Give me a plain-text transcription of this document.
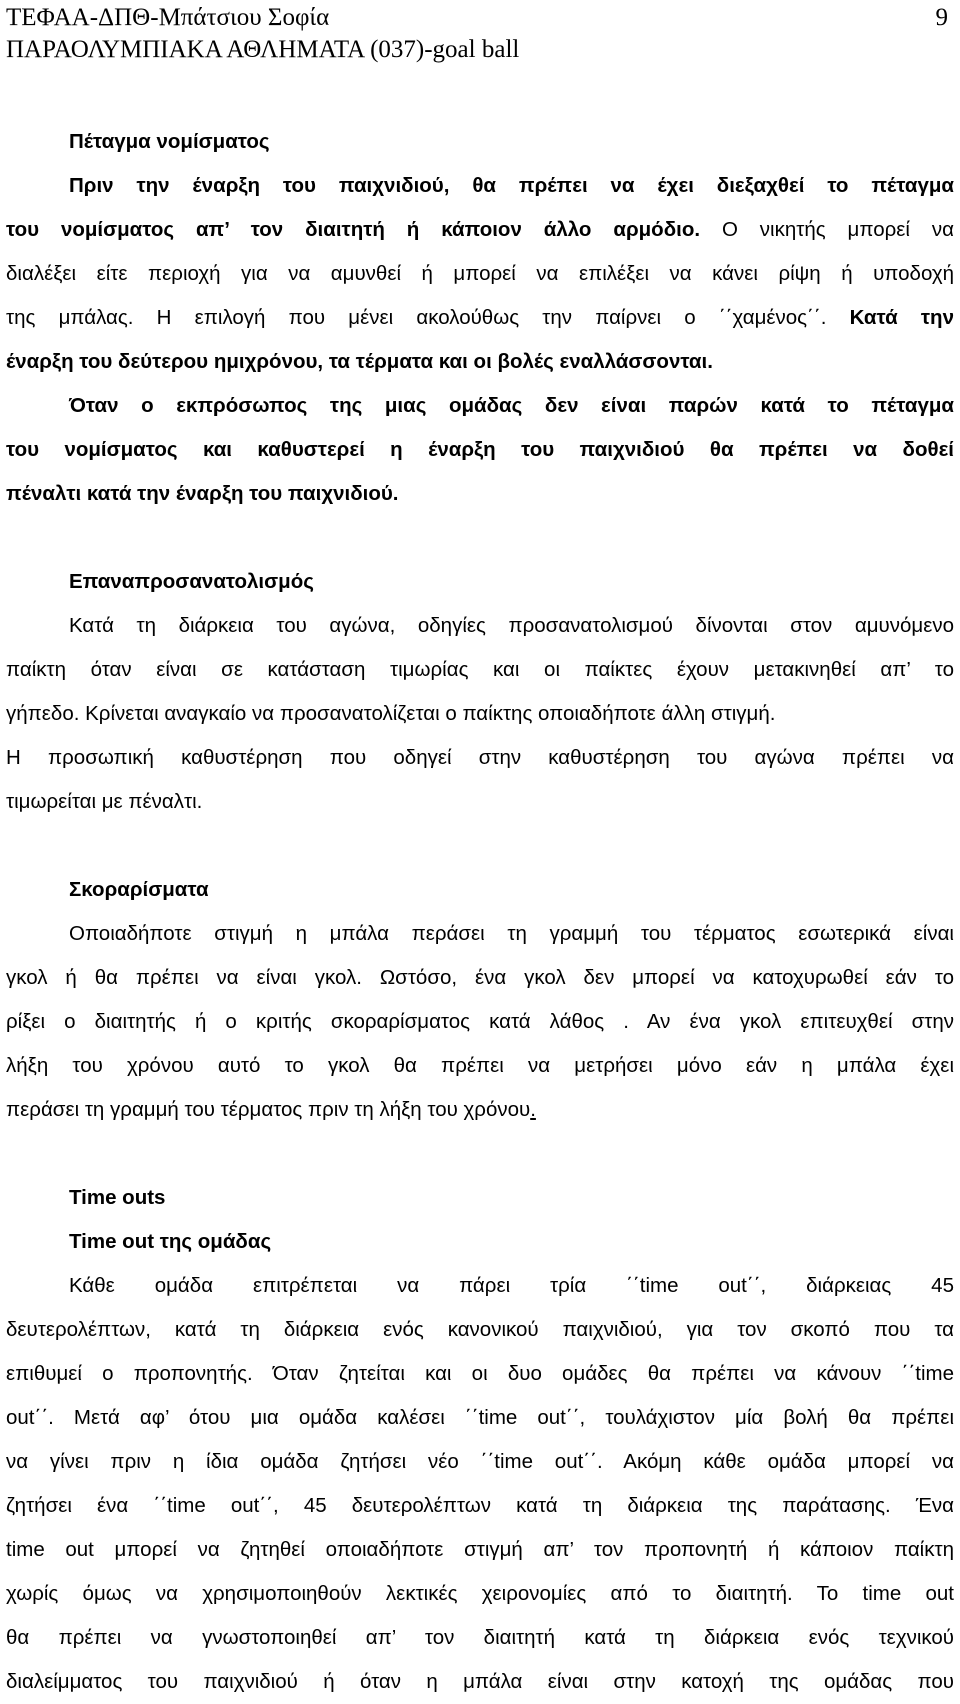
ΤΕΦΑΑ-ΔΠΘ-Μπάτσιου Σοφία
ΠΑΡΑΟΛΥΜΠΙΑΚΑ ΑΘΛΗΜΑΤΑ (037)-goal ball
9
Πέταγμα νομίσματος
Πριν την έναρξη του παιχνιδιού, θα πρέπει να έχει διεξαχθεί το πέταγμα
του νομίσματος απ’ τον διαιτητή ή κάποιον άλλο αρμόδιο. Ο νικητής μπορεί να
διαλέξει είτε περιοχή για να αμυνθεί ή μπορεί να επιλέξει να κάνει ρίψη ή υποδοχή
της μπάλας. Η επιλογή που μένει ακολούθως την παίρνει ο ΄΄χαμένος΄΄. Κατά την
έναρξη του δεύτερου ημιχρόνου, τα τέρματα και οι βολές εναλλάσσονται.
Όταν ο εκπρόσωπος της μιας ομάδας δεν είναι παρών κατά το πέταγμα
του νομίσματος και καθυστερεί η έναρξη του παιχνιδιού θα πρέπει να δοθεί
πέναλτι κατά την έναρξη του παιχνιδιού.
Επαναπροσανατολισμός
Κατά τη διάρκεια του αγώνα, οδηγίες προσανατολισμού δίνονται στον αμυνόμενο
παίκτη όταν είναι σε κατάσταση τιμωρίας και οι παίκτες έχουν μετακινηθεί απ’ το
γήπεδο. Κρίνεται αναγκαίο να προσανατολίζεται ο παίκτης οποιαδήποτε άλλη στιγμή.
Η προσωπική καθυστέρηση που οδηγεί στην καθυστέρηση του αγώνα πρέπει να
τιμωρείται με πέναλτι.
Σκοραρίσματα
Οποιαδήποτε στιγμή η μπάλα περάσει τη γραμμή του τέρματος εσωτερικά είναι
γκολ ή θα πρέπει να είναι γκολ. Ωστόσο, ένα γκολ δεν μπορεί να κατοχυρωθεί εάν το
ρίξει ο διαιτητής ή ο κριτής σκοραρίσματος κατά λάθος . Αν ένα γκολ επιτευχθεί στην
λήξη του χρόνου αυτό το γκολ θα πρέπει να μετρήσει μόνο εάν η μπάλα έχει
περάσει τη γραμμή του τέρματος πριν τη λήξη του χρόνου.
Time outs
Time out της ομάδας
Κάθε ομάδα επιτρέπεται να πάρει τρία ΄΄time out΄΄, διάρκειας 45
δευτερολέπτων, κατά τη διάρκεια ενός κανονικού παιχνιδιού, για τον σκοπό που τα
επιθυμεί ο προπονητής. Όταν ζητείται και οι δυο ομάδες θα πρέπει να κάνουν ΄΄time
out΄΄. Μετά αφ’ ότου μια ομάδα καλέσει ΄΄time out΄΄, τουλάχιστον μία βολή θα πρέπει
να γίνει πριν η ίδια ομάδα ζητήσει νέο ΄΄time out΄΄. Ακόμη κάθε ομάδα μπορεί να
ζητήσει ένα ΄΄time out΄΄, 45 δευτερολέπτων κατά τη διάρκεια της παράτασης. Ένα
time out μπορεί να ζητηθεί οποιαδήποτε στιγμή απ’ τον προπονητή ή κάποιον παίκτη
χωρίς όμως να χρησιμοποιηθούν λεκτικές χειρονομίες από το διαιτητή. Το time out
θα πρέπει να γνωστοποιηθεί απ’ τον διαιτητή κατά τη διάρκεια ενός τεχνικού
διαλείμματος του παιχνιδιού ή όταν η μπάλα είναι στην κατοχή της ομάδας που
